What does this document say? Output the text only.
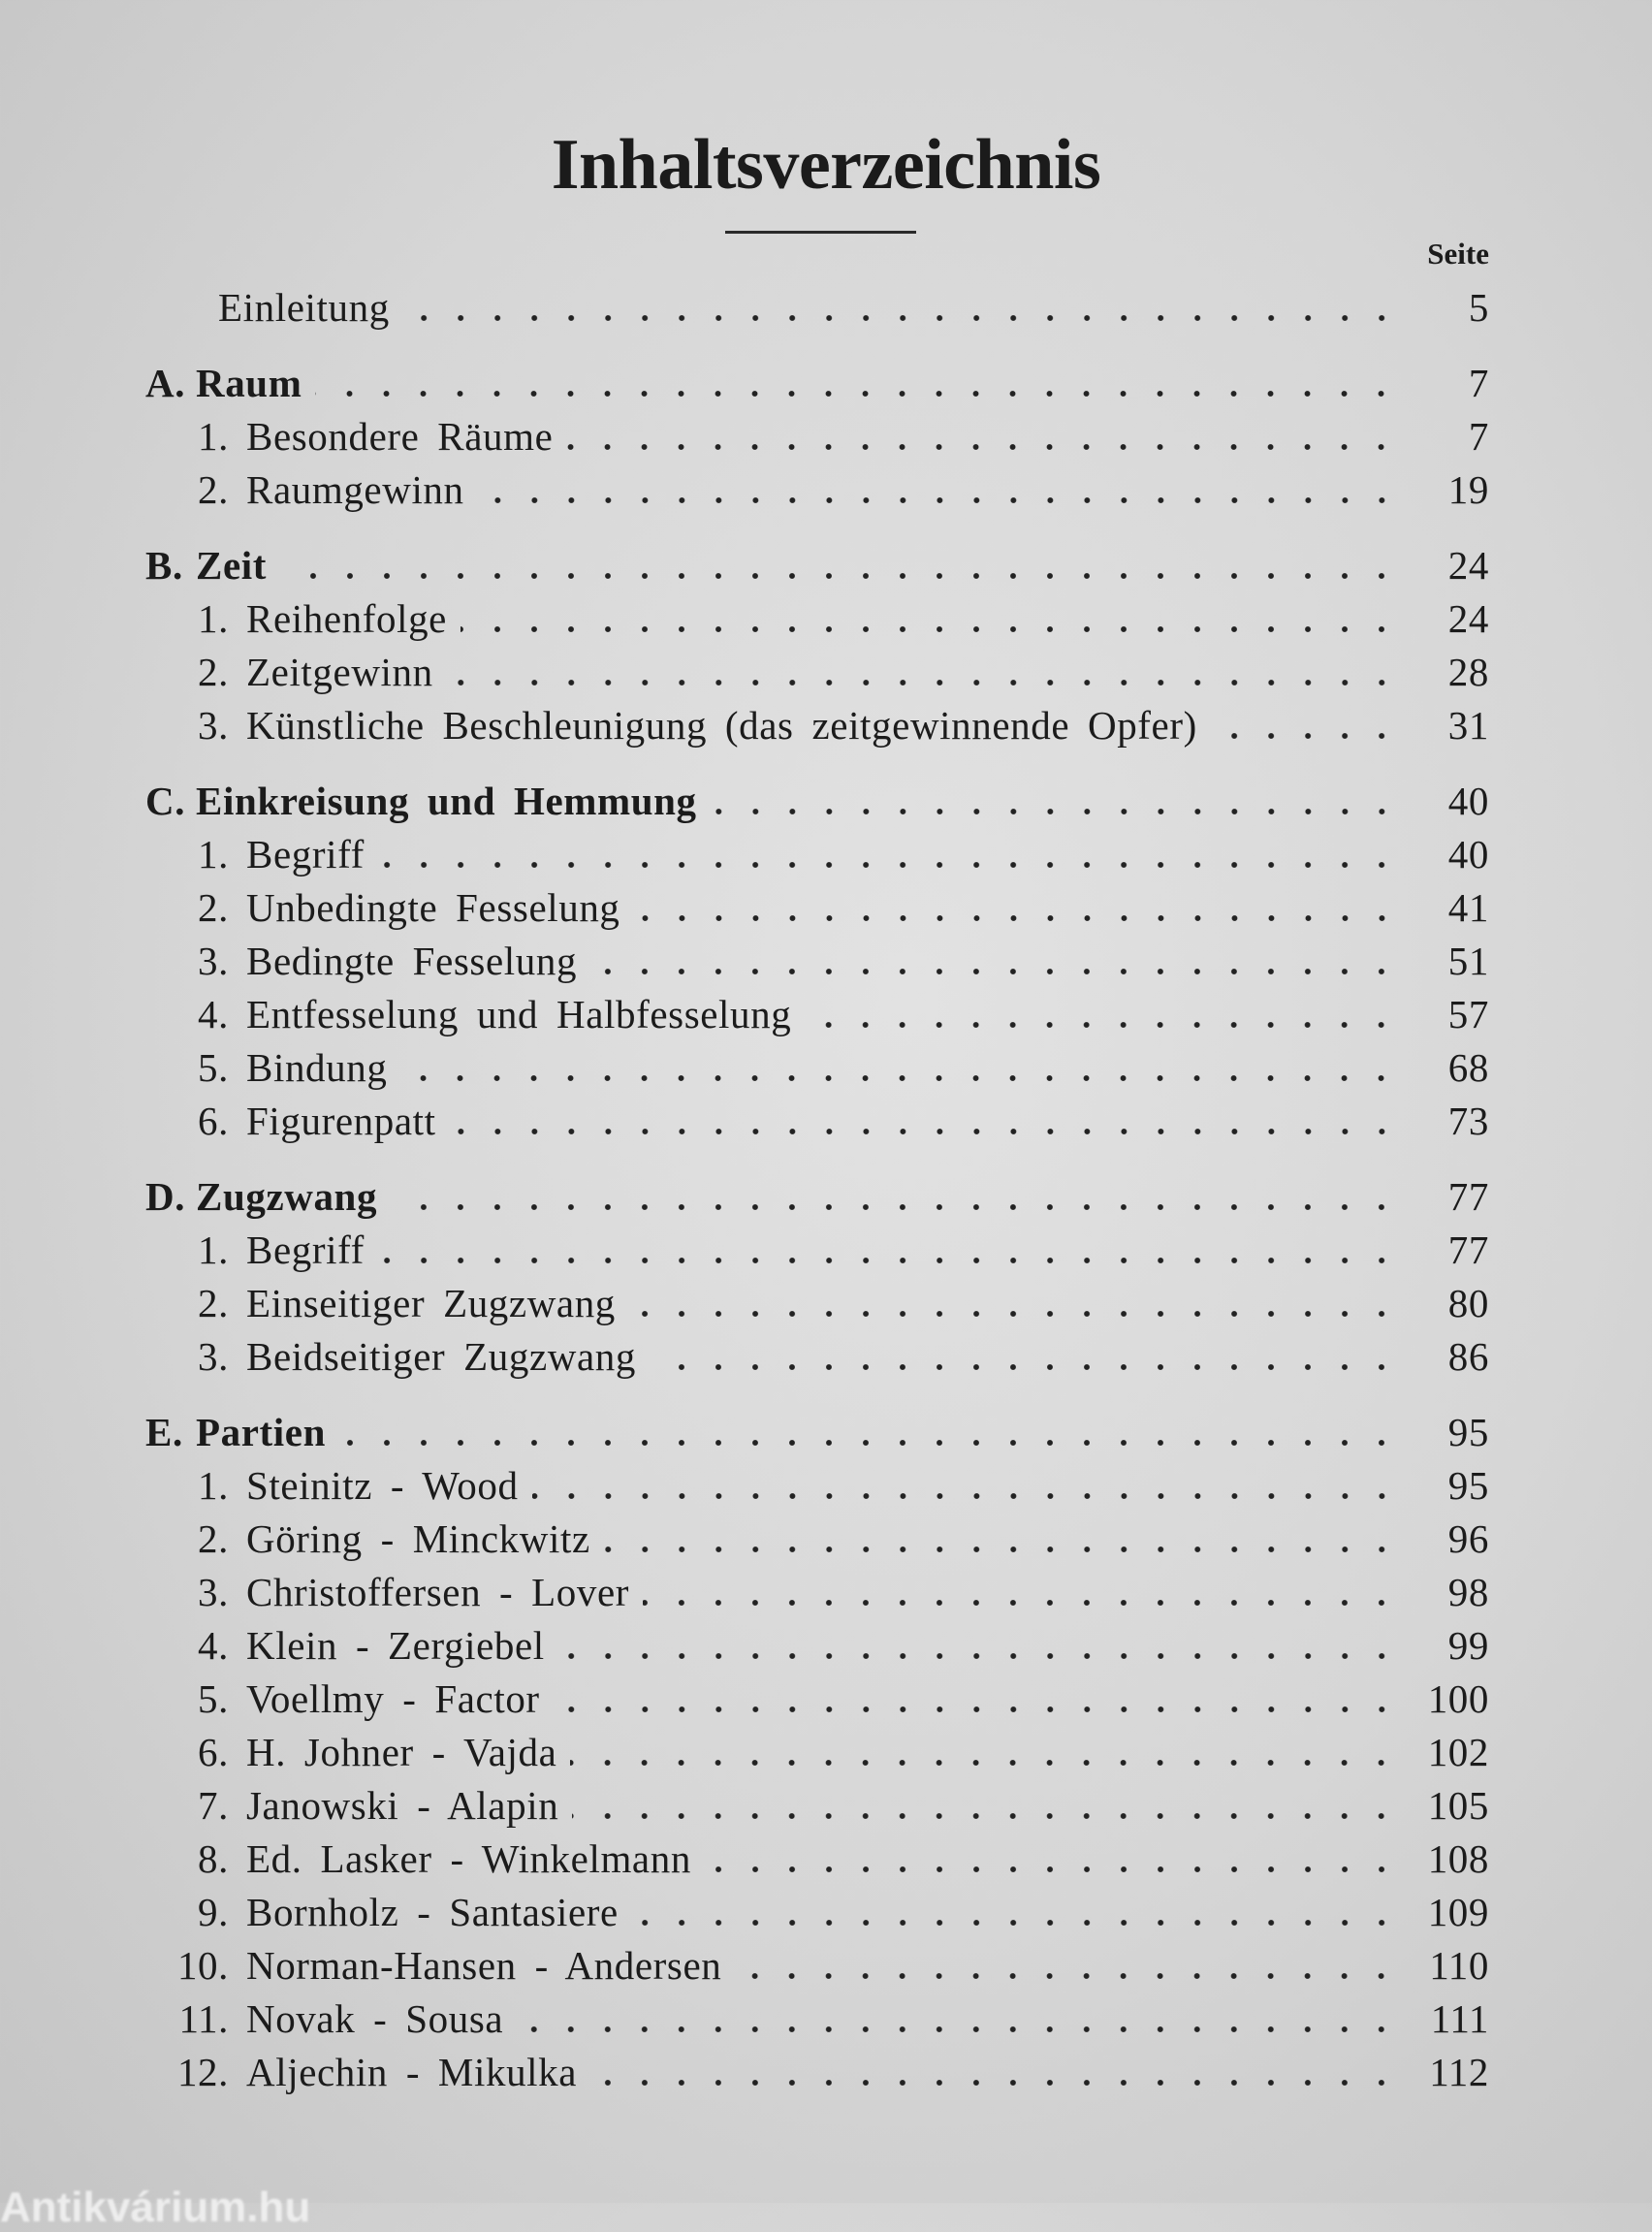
Inhaltsverzeichnis
Seite
Einleitung	5
A. Raum	7
1. Besondere Räume	7
2. Raumgewinn	19
B. Zeit	24
1. Reihenfolge	24
2. Zeitgewinn	28
3. Künstliche Beschleunigung (das zeitgewinnende Opfer)	31
C. Einkreisung und Hemmung	40
1. Begriff	40
2. Unbedingte Fesselung	41
3. Bedingte Fesselung	51
4. Entfesselung und Halbfesselung	57
5. Bindung	68
6. Figurenpatt	73
D. Zugzwang	77
1. Begriff	77
2. Einseitiger Zugzwang	80
3. Beidseitiger Zugzwang	86
E. Partien	95
1. Steinitz - Wood	95
2. Göring - Minckwitz	96
3. Christoffersen - Lover	98
4. Klein - Zergiebel	99
5. Voellmy - Factor	100
6. H. Johner - Vajda	102
7. Janowski - Alapin	105
8. Ed. Lasker - Winkelmann	108
9. Bornholz - Santasiere	109
10. Norman-Hansen - Andersen	110
11. Novak - Sousa	111
12. Aljechin - Mikulka	112
Antikvárium.hu
